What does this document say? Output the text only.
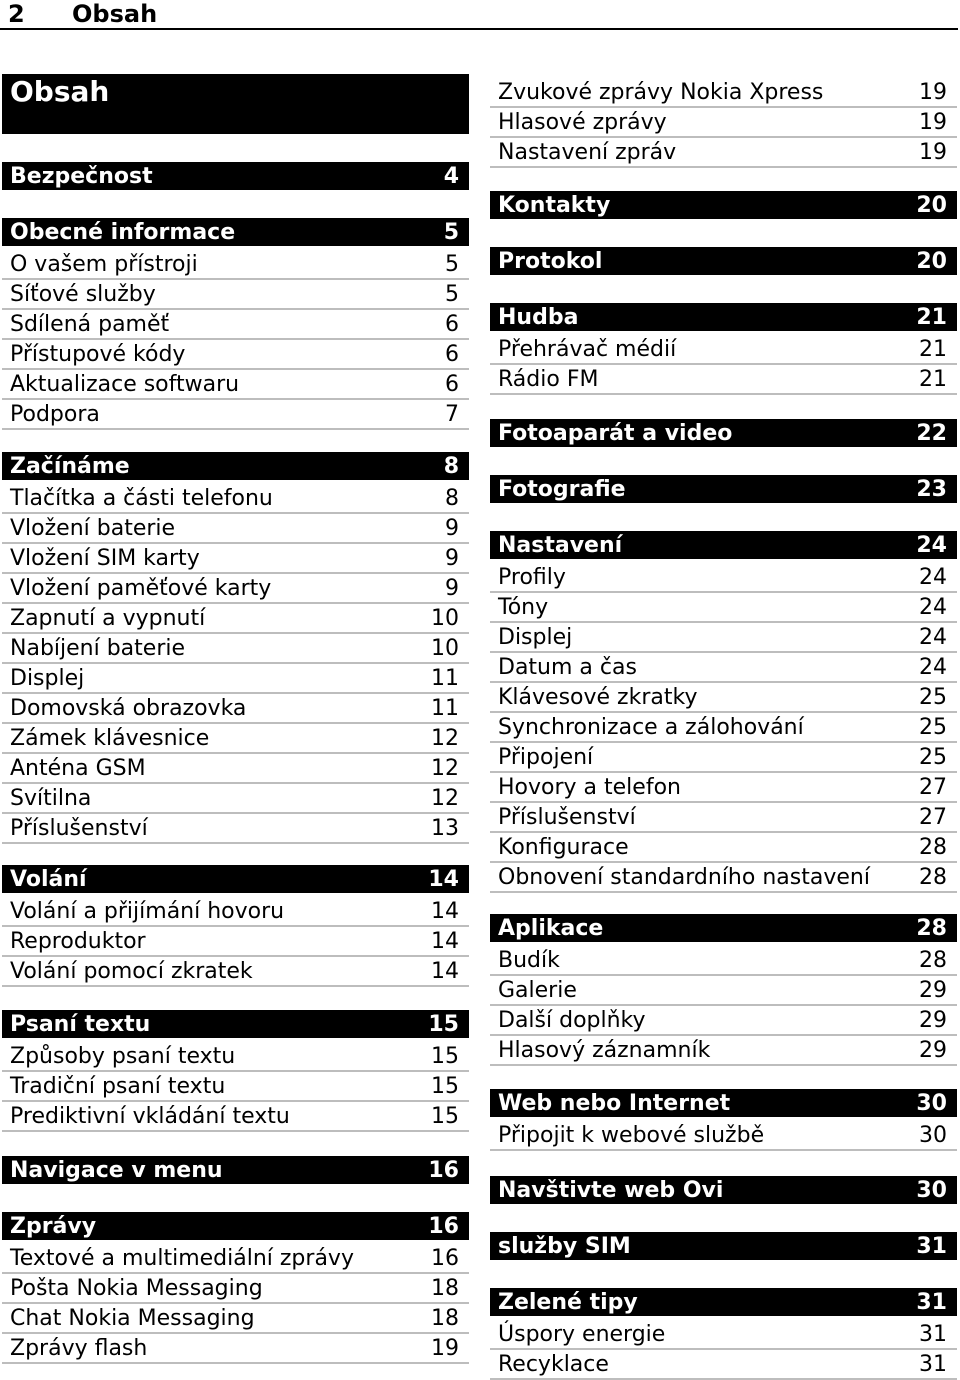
2 Obsah
Obsah
Bezpečnost	4
Obecné informace	5
O vašem přístroji	5
Síťové služby	5
Sdílená paměť	6
Přístupové kódy	6
Aktualizace softwaru	6
Podpora	7
Začínáme	8
Tlačítka a části telefonu	8
Vložení baterie	9
Vložení SIM karty	9
Vložení paměťové karty	9
Zapnutí a vypnutí	10
Nabíjení baterie	10
Displej	11
Domovská obrazovka	11
Zámek klávesnice	12
Anténa GSM	12
Svítilna	12
Příslušenství	13
Volání	14
Volání a přijímání hovoru	14
Reproduktor	14
Volání pomocí zkratek	14
Psaní textu	15
Způsoby psaní textu	15
Tradiční psaní textu	15
Prediktivní vkládání textu	15
Navigace v menu	16
Zprávy	16
Textové a multimediální zprávy	16
Pošta Nokia Messaging	18
Chat Nokia Messaging	18
Zprávy flash	19
Zvukové zprávy Nokia Xpress	19
Hlasové zprávy	19
Nastavení zpráv	19
Kontakty	20
Protokol	20
Hudba	21
Přehrávač médií	21
Rádio FM	21
Fotoaparát a video	22
Fotografie	23
Nastavení	24
Profily	24
Tóny	24
Displej	24
Datum a čas	24
Klávesové zkratky	25
Synchronizace a zálohování	25
Připojení	25
Hovory a telefon	27
Příslušenství	27
Konfigurace	28
Obnovení standardního nastavení 28
Aplikace	28
Budík	28
Galerie	29
Další doplňky	29
Hlasový záznamník	29
Web nebo Internet	30
Připojit k webové službě	30
Navštivte web Ovi	30
služby SIM	31
Zelené tipy	31
Úspory energie	31
Recyklace	31
